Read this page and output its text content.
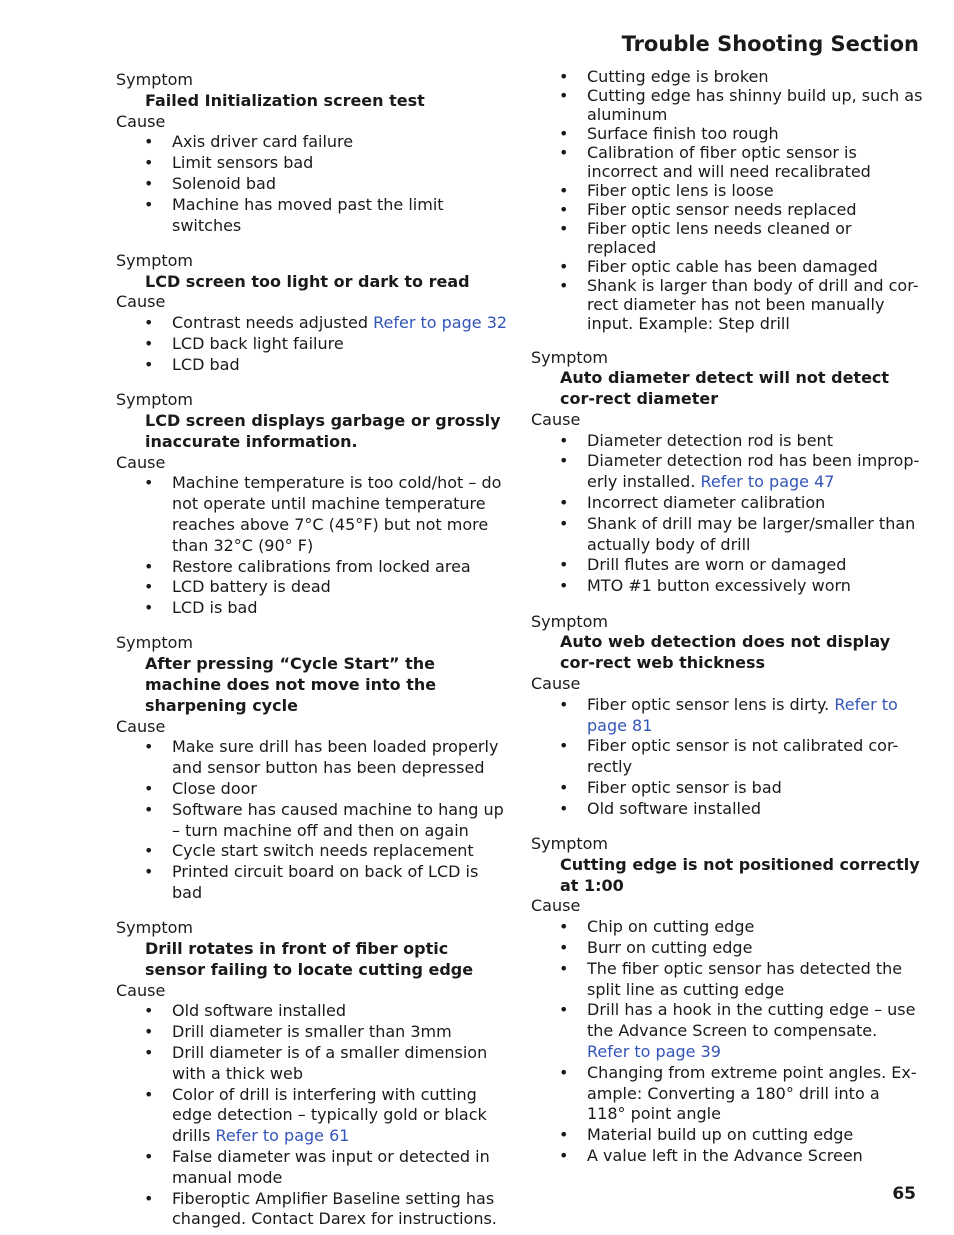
Trouble Shooting Section
Symptom
Failed Initialization screen test
Cause
• Axis driver card failure
• Limit sensors bad
• Solenoid bad
• Machine has moved past the limit switches
Symptom
LCD screen too light or dark to read
Cause
• Contrast needs adjusted Refer to page 32
• LCD back light failure
• LCD bad
Symptom
LCD screen displays garbage or grossly inaccurate information.
Cause
• Machine temperature is too cold/hot – do not operate until machine temperature reaches above 7°C (45°F) but not more than 32°C (90° F)
• Restore calibrations from locked area
• LCD battery is dead
• LCD is bad
Symptom
After pressing “Cycle Start” the machine does not move into the sharpening cycle
Cause
• Make sure drill has been loaded properly and sensor button has been depressed
• Close door
• Software has caused machine to hang up – turn machine off and then on again
• Cycle start switch needs replacement
• Printed circuit board on back of LCD is bad
Symptom
Drill rotates in front of fiber optic sensor failing to locate cutting edge
Cause
• Old software installed
• Drill diameter is smaller than 3mm
• Drill diameter is of a smaller dimension with a thick web
• Color of drill is interfering with cutting edge detection – typically gold or black drills Refer to page 61
• False diameter was input or detected in manual mode
• Fiberoptic Amplifier Baseline setting has changed. Contact Darex for instructions.
• Cutting edge is broken
• Cutting edge has shinny build up, such as aluminum
• Surface finish too rough
• Calibration of fiber optic sensor is incorrect and will need recalibrated
• Fiber optic lens is loose
• Fiber optic sensor needs replaced
• Fiber optic lens needs cleaned or replaced
• Fiber optic cable has been damaged
• Shank is larger than body of drill and cor-rect diameter has not been manually input. Example: Step drill
Symptom
Auto diameter detect will not detect cor-rect diameter
Cause
• Diameter detection rod is bent
• Diameter detection rod has been improp-erly installed. Refer to page 47
• Incorrect diameter calibration
• Shank of drill may be larger/smaller than actually body of drill
• Drill flutes are worn or damaged
• MTO #1 button excessively worn
Symptom
Auto web detection does not display cor-rect web thickness
Cause
• Fiber optic sensor lens is dirty. Refer to page 81
• Fiber optic sensor is not calibrated cor-rectly
• Fiber optic sensor is bad
• Old software installed
Symptom
Cutting edge is not positioned correctly at 1:00
Cause
• Chip on cutting edge
• Burr on cutting edge
• The fiber optic sensor has detected the split line as cutting edge
• Drill has a hook in the cutting edge – use the Advance Screen to compensate. Refer to page 39
• Changing from extreme point angles. Ex-ample: Converting a 180° drill into a 118° point angle
• Material build up on cutting edge
• A value left in the Advance Screen
65
